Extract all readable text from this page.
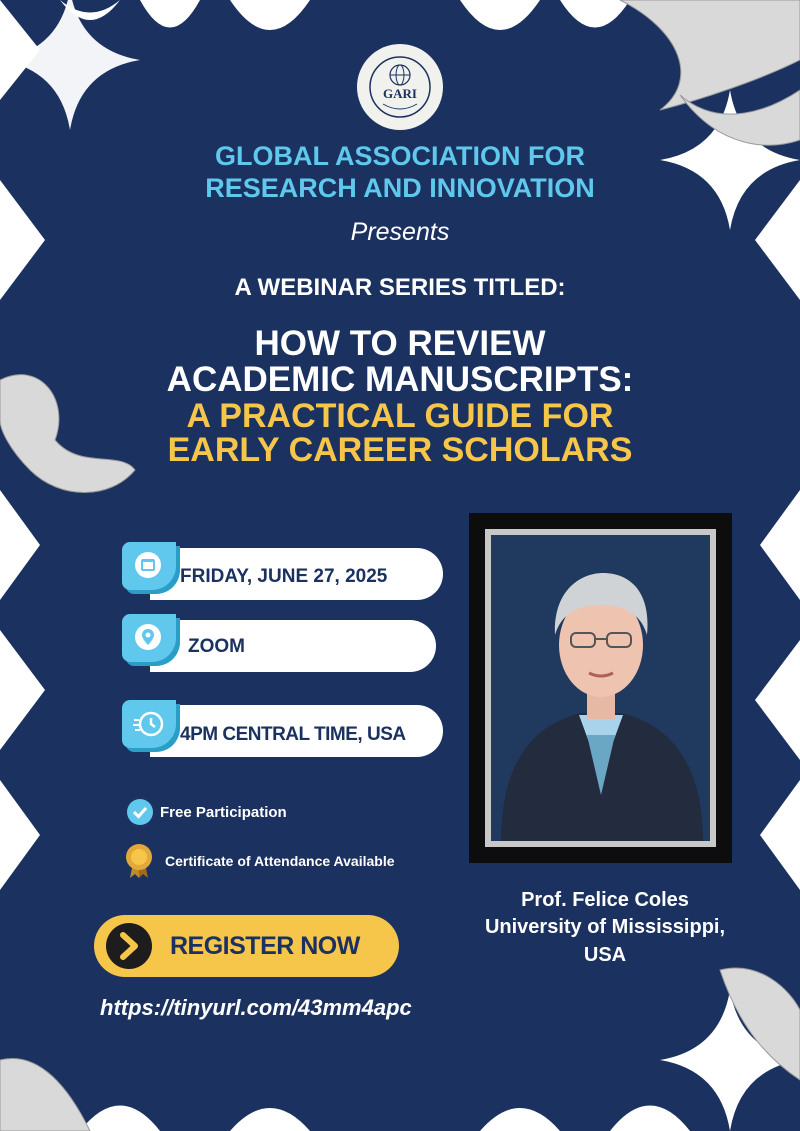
GARI
GLOBAL ASSOCIATION FOR
RESEARCH AND INNOVATION
Presents
A WEBINAR SERIES TITLED:
HOW TO REVIEW
ACADEMIC MANUSCRIPTS:
A PRACTICAL GUIDE FOR
EARLY CAREER SCHOLARS
FRIDAY, JUNE 27, 2025
ZOOM
4PM CENTRAL TIME, USA
Free Participation
Certificate of Attendance Available
REGISTER NOW
https://tinyurl.com/43mm4apc
Prof. Felice Coles
University of Mississippi,
USA
